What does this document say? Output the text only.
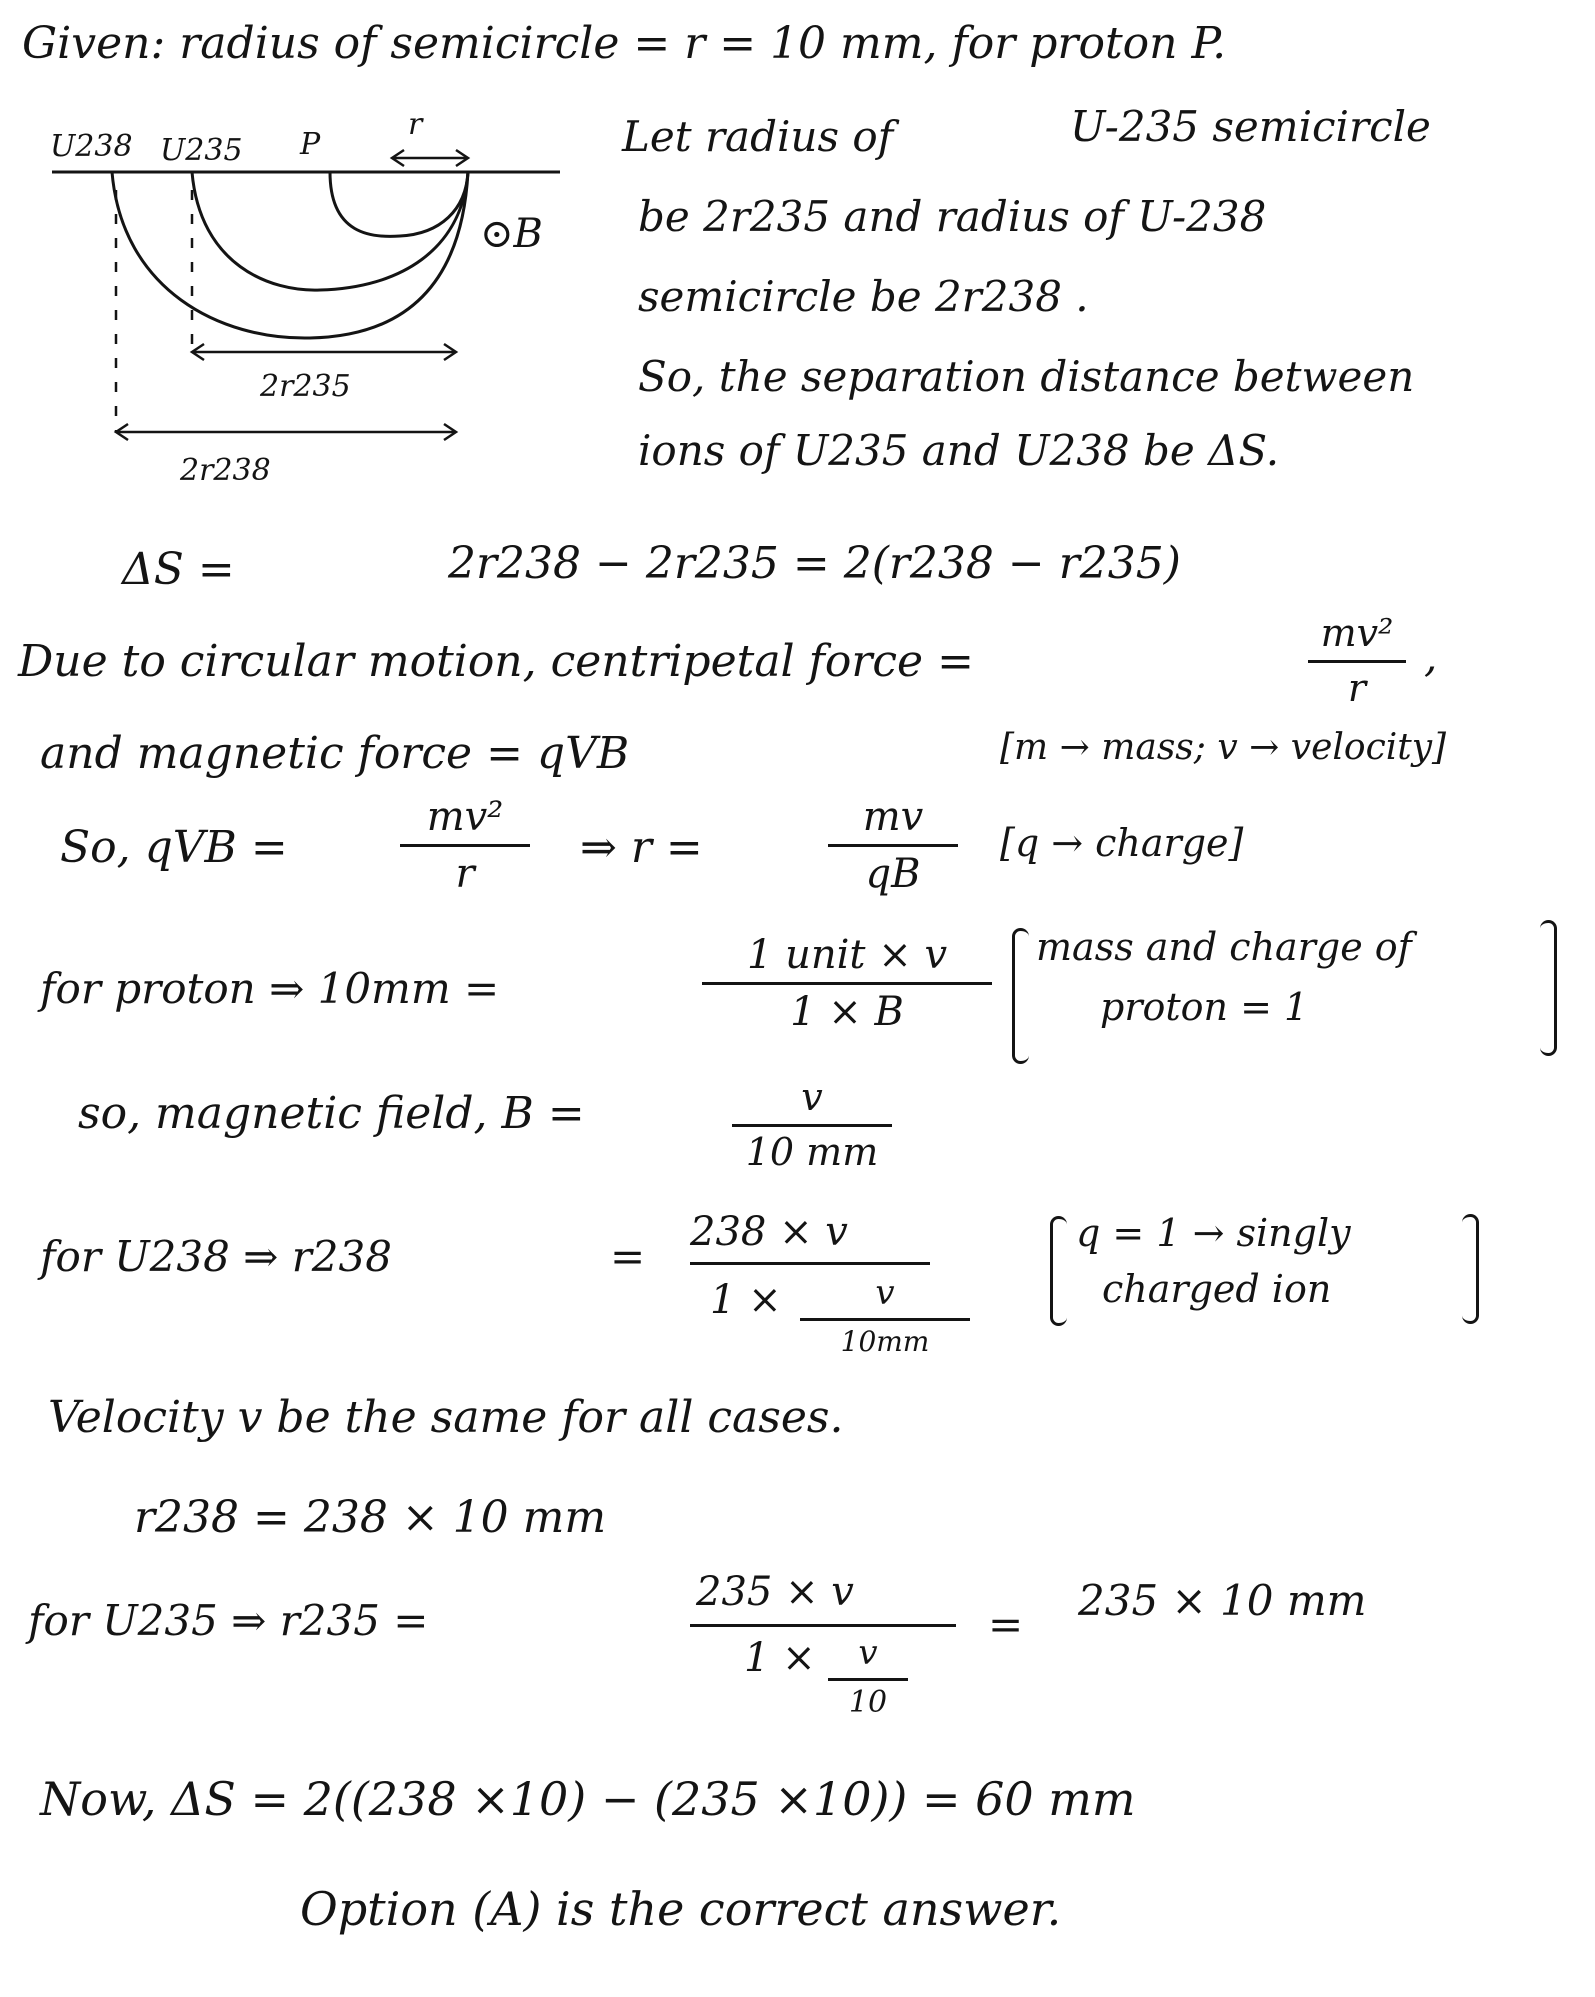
Given: radius of semicircle = r = 10 mm, for proton P.
U238 U235 P
r
⊙B
2r235
2r238
Let radius of	U-235 semicircle
be 2r235 and radius of U-238
semicircle be 2r238 .
So, the separation distance between
ions of U235 and U238 be ΔS.
ΔS =	2r238 − 2r235 = 2(r238 − r235)
Due to circular motion, centripetal force =
mv²
r
,
and magnetic force = qVB	[m → mass; v → velocity]
So, qVB =
mv²
r
⇒ r =
mv
qB
[q → charge]
for proton ⇒ 10mm =
1 unit × v
1 × B
mass and charge of
proton = 1
so, magnetic field, B =	v
10 mm
for U238 ⇒ r238	= 238 × v
1 ×	v
10mm
q = 1 → singly
charged ion
Velocity v be the same for all cases.
r238 = 238 × 10 mm
for U235 ⇒ r235 =
235 × v
1 ×	v
10
= 235 × 10 mm
Now, ΔS = 2((238 ×10) − (235 ×10)) = 60 mm
Option (A) is the correct answer.
